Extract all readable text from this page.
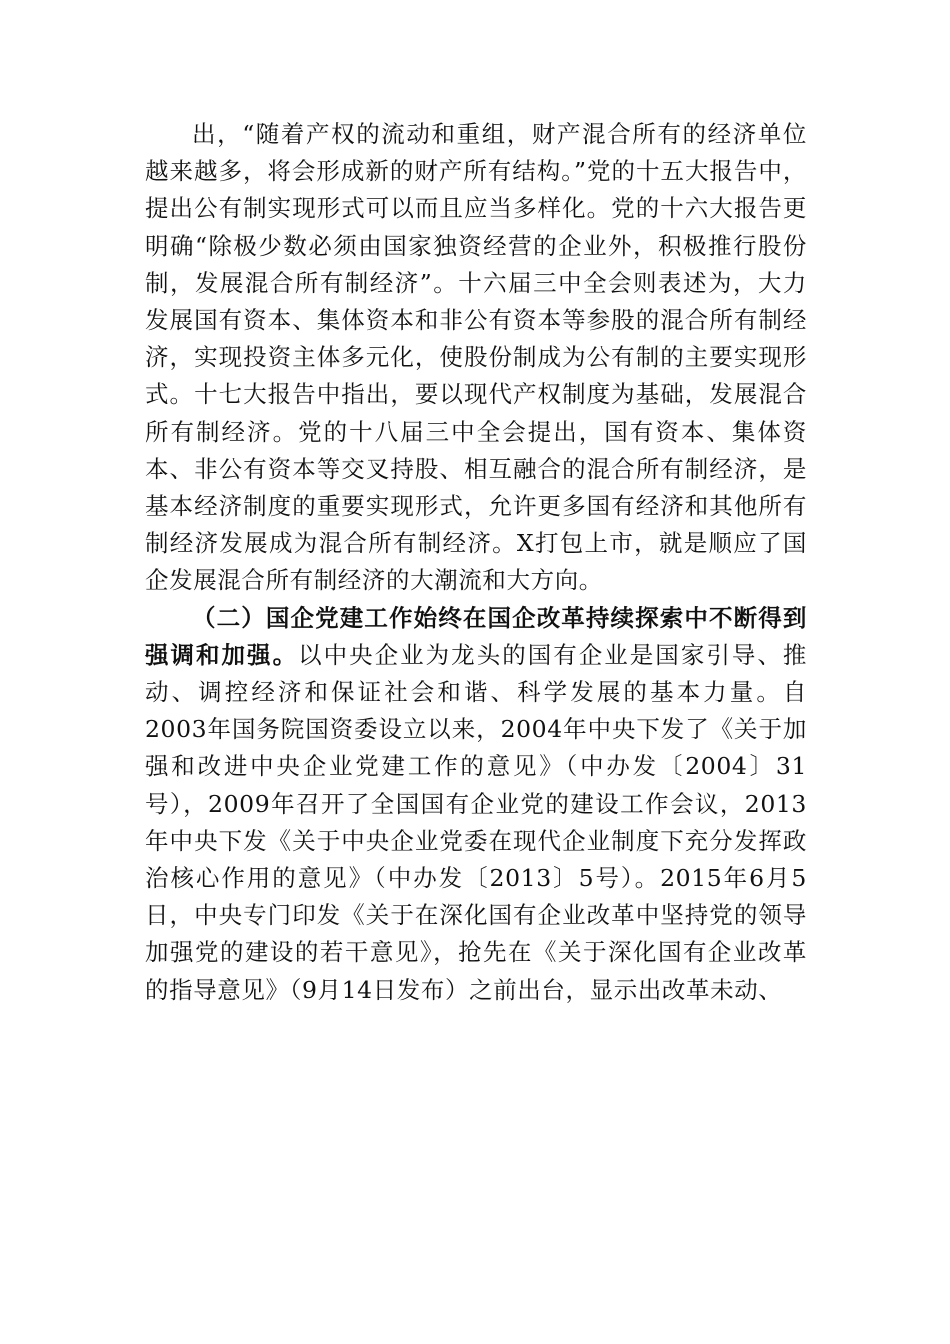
出，“随着产权的流动和重组，财产混合所有的经济单位越来越多，将会形成新的财产所有结构。”党的十五大报告中，提出公有制实现形式可以而且应当多样化。党的十六大报告更明确“除极少数必须由国家独资经营的企业外，积极推行股份制，发展混合所有制经济”。十六届三中全会则表述为，大力发展国有资本、集体资本和非公有资本等参股的混合所有制经济，实现投资主体多元化，使股份制成为公有制的主要实现形式。十七大报告中指出，要以现代产权制度为基础，发展混合所有制经济。党的十八届三中全会提出，国有资本、集体资本、非公有资本等交叉持股、相互融合的混合所有制经济，是基本经济制度的重要实现形式，允许更多国有经济和其他所有制经济发展成为混合所有制经济。X打包上市，就是顺应了国企发展混合所有制经济的大潮流和大方向。

（二）国企党建工作始终在国企改革持续探索中不断得到强调和加强。以中央企业为龙头的国有企业是国家引导、推动、调控经济和保证社会和谐、科学发展的基本力量。自2003年国务院国资委设立以来，2004年中央下发了《关于加强和改进中央企业党建工作的意见》（中办发〔2004〕31号），2009年召开了全国国有企业党的建设工作会议，2013年中央下发《关于中央企业党委在现代企业制度下充分发挥政治核心作用的意见》（中办发〔2013〕5号）。2015年6月5日，中央专门印发《关于在深化国有企业改革中坚持党的领导加强党的建设的若干意见》，抢先在《关于深化国有企业改革的指导意见》（9月14日发布）之前出台，显示出改革未动、
